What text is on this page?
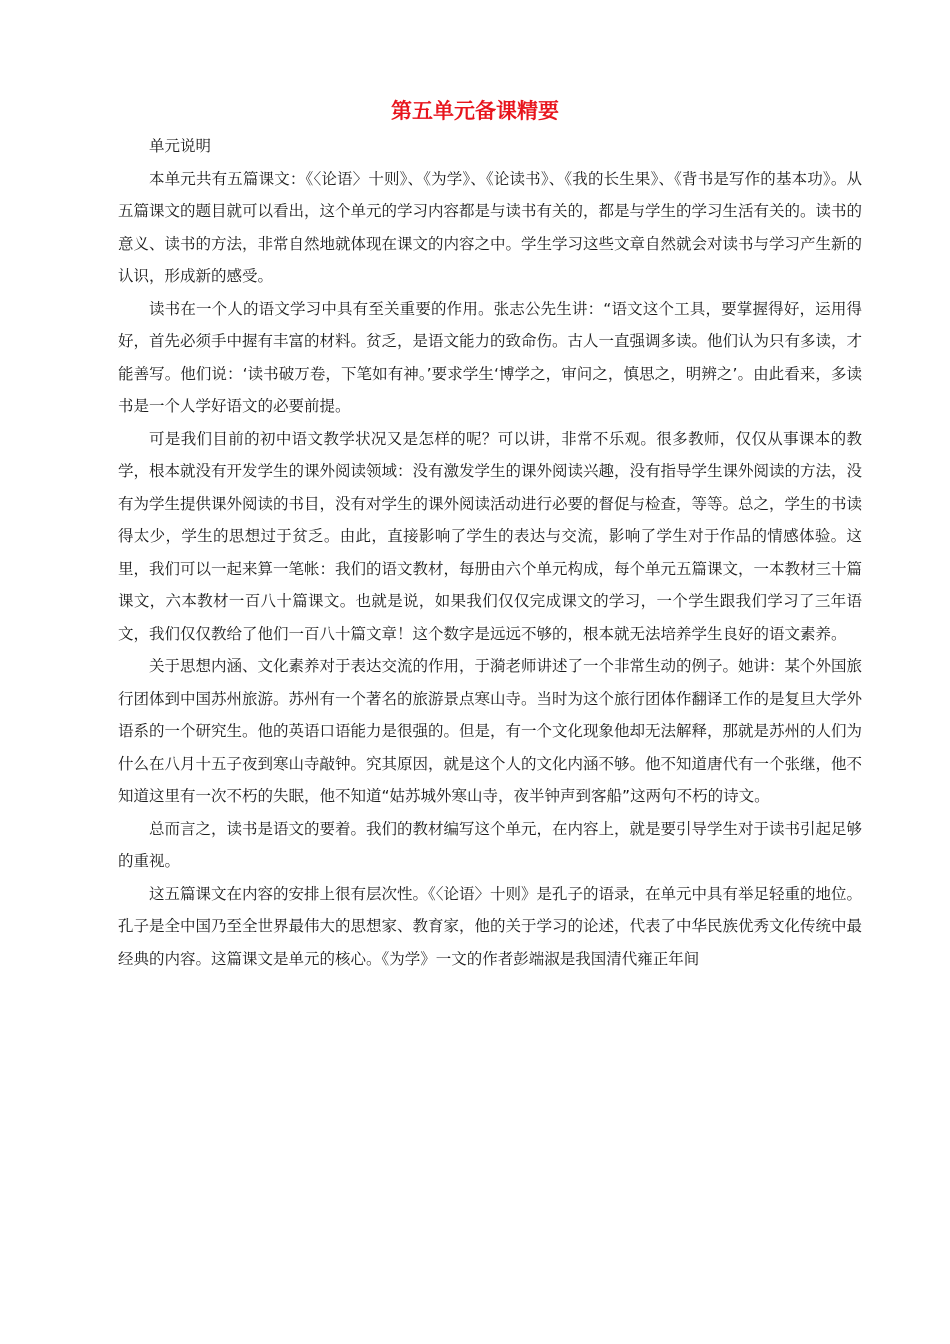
第五单元备课精要

单元说明

本单元共有五篇课文：《〈论语〉十则》、《为学》、《论读书》、《我的长生果》、《背书是写作的基本功》。从五篇课文的题目就可以看出，这个单元的学习内容都是与读书有关的，都是与学生的学习生活有关的。读书的意义、读书的方法，非常自然地就体现在课文的内容之中。学生学习这些文章自然就会对读书与学习产生新的认识，形成新的感受。

读书在一个人的语文学习中具有至关重要的作用。张志公先生讲：“语文这个工具，要掌握得好，运用得好，首先必须手中握有丰富的材料。贫乏，是语文能力的致命伤。古人一直强调多读。他们认为只有多读，才能善写。他们说：‘读书破万卷，下笔如有神。’要求学生‘博学之，审问之，慎思之，明辨之’。由此看来，多读书是一个人学好语文的必要前提。

可是我们目前的初中语文教学状况又是怎样的呢？可以讲，非常不乐观。很多教师，仅仅从事课本的教学，根本就没有开发学生的课外阅读领域：没有激发学生的课外阅读兴趣，没有指导学生课外阅读的方法，没有为学生提供课外阅读的书目，没有对学生的课外阅读活动进行必要的督促与检查，等等。总之，学生的书读得太少，学生的思想过于贫乏。由此，直接影响了学生的表达与交流，影响了学生对于作品的情感体验。这里，我们可以一起来算一笔帐：我们的语文教材，每册由六个单元构成，每个单元五篇课文，一本教材三十篇课文，六本教材一百八十篇课文。也就是说，如果我们仅仅完成课文的学习，一个学生跟我们学习了三年语文，我们仅仅教给了他们一百八十篇文章！这个数字是远远不够的，根本就无法培养学生良好的语文素养。

关于思想内涵、文化素养对于表达交流的作用，于漪老师讲述了一个非常生动的例子。她讲：某个外国旅行团体到中国苏州旅游。苏州有一个著名的旅游景点寒山寺。当时为这个旅行团体作翻译工作的是复旦大学外语系的一个研究生。他的英语口语能力是很强的。但是，有一个文化现象他却无法解释，那就是苏州的人们为什么在八月十五子夜到寒山寺敲钟。究其原因，就是这个人的文化内涵不够。他不知道唐代有一个张继，他不知道这里有一次不朽的失眠，他不知道“姑苏城外寒山寺，夜半钟声到客船”这两句不朽的诗文。

总而言之，读书是语文的要着。我们的教材编写这个单元，在内容上，就是要引导学生对于读书引起足够的重视。

这五篇课文在内容的安排上很有层次性。《〈论语〉十则》是孔子的语录，在单元中具有举足轻重的地位。孔子是全中国乃至全世界最伟大的思想家、教育家，他的关于学习的论述，代表了中华民族优秀文化传统中最经典的内容。这篇课文是单元的核心。《为学》一文的作者彭端淑是我国清代雍正年间
